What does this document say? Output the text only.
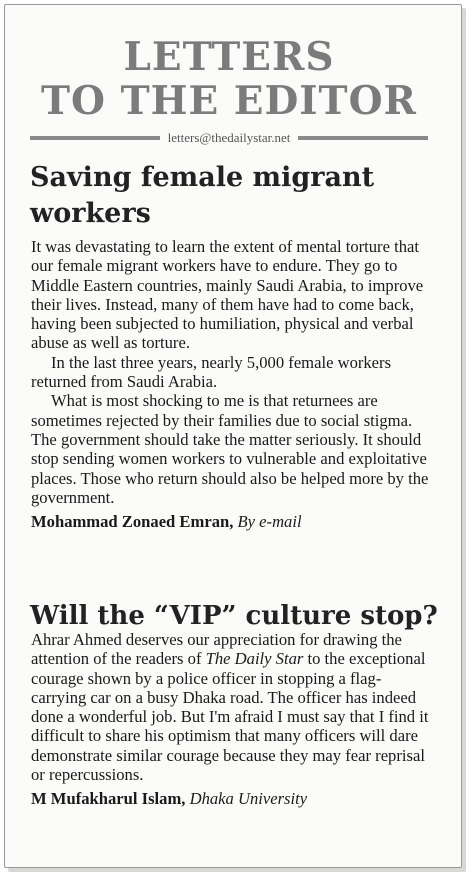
LETTERS
TO THE EDITOR
letters@thedailystar.net
Saving female migrant workers

It was devastating to learn the extent of mental torture that our female migrant workers have to endure. They go to Middle Eastern countries, mainly Saudi Arabia, to improve their lives. Instead, many of them have had to come back, having been subjected to humiliation, physical and verbal abuse as well as torture.

In the last three years, nearly 5,000 female workers returned from Saudi Arabia.

What is most shocking to me is that returnees are sometimes rejected by their families due to social stigma. The government should take the matter seriously. It should stop sending women workers to vulnerable and exploitative places. Those who return should also be helped more by the government.

Mohammad Zonaed Emran, By e-mail
Will the “VIP” culture stop?

Ahrar Ahmed deserves our appreciation for drawing the attention of the readers of The Daily Star to the exceptional courage shown by a police officer in stopping a flag-carrying car on a busy Dhaka road. The officer has indeed done a wonderful job. But I'm afraid I must say that I find it difficult to share his optimism that many officers will dare demonstrate similar courage because they may fear reprisal or repercussions.

M Mufakharul Islam, Dhaka University
